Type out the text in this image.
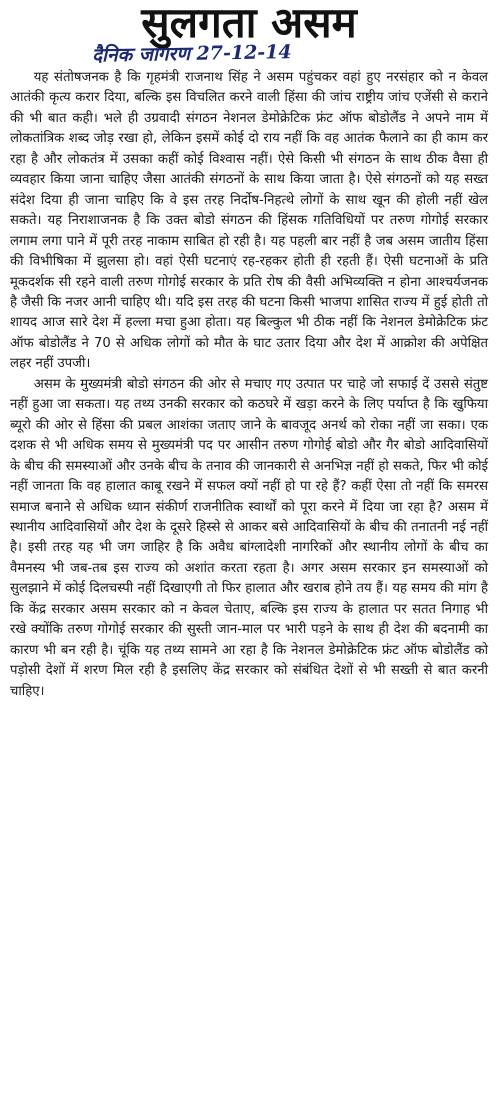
सुलगता असम
दैनिक जागरण 27-12-14

यह संतोषजनक है कि गृहमंत्री राजनाथ सिंह ने असम पहुंचकर वहां हुए नरसंहार को न केवल आतंकी कृत्य करार दिया, बल्कि इस विचलित करने वाली हिंसा की जांच राष्ट्रीय जांच एजेंसी से कराने की भी बात कही। भले ही उग्रवादी संगठन नेशनल डेमोक्रेटिक फ्रंट ऑफ बोडोलैंड ने अपने नाम में लोकतांत्रिक शब्द जोड़ रखा हो, लेकिन इसमें कोई दो राय नहीं कि वह आतंक फैलाने का ही काम कर रहा है और लोकतंत्र में उसका कहीं कोई विश्वास नहीं। ऐसे किसी भी संगठन के साथ ठीक वैसा ही व्यवहार किया जाना चाहिए जैसा आतंकी संगठनों के साथ किया जाता है। ऐसे संगठनों को यह सख्त संदेश दिया ही जाना चाहिए कि वे इस तरह निर्दोष-निहत्थे लोगों के साथ खून की होली नहीं खेल सकते। यह निराशाजनक है कि उक्त बोडो संगठन की हिंसक गतिविधियों पर तरुण गोगोई सरकार लगाम लगा पाने में पूरी तरह नाकाम साबित हो रही है। यह पहली बार नहीं है जब असम जातीय हिंसा की विभीषिका में झुलसा हो। वहां ऐसी घटनाएं रह-रहकर होती ही रहती हैं। ऐसी घटनाओं के प्रति मूकदर्शक सी रहने वाली तरुण गोगोई सरकार के प्रति रोष की वैसी अभिव्यक्ति न होना आश्चर्यजनक है जैसी कि नजर आनी चाहिए थी। यदि इस तरह की घटना किसी भाजपा शासित राज्य में हुई होती तो शायद आज सारे देश में हल्ला मचा हुआ होता। यह बिल्कुल भी ठीक नहीं कि नेशनल डेमोक्रेटिक फ्रंट ऑफ बोडोलैंड ने 70 से अधिक लोगों को मौत के घाट उतार दिया और देश में आक्रोश की अपेक्षित लहर नहीं उपजी।

असम के मुख्यमंत्री बोडो संगठन की ओर से मचाए गए उत्पात पर चाहे जो सफाई दें उससे संतुष्ट नहीं हुआ जा सकता। यह तथ्य उनकी सरकार को कठघरे में खड़ा करने के लिए पर्याप्त है कि खुफिया ब्यूरो की ओर से हिंसा की प्रबल आशंका जताए जाने के बावजूद अनर्थ को रोका नहीं जा सका। एक दशक से भी अधिक समय से मुख्यमंत्री पद पर आसीन तरुण गोगोई बोडो और गैर बोडो आदिवासियों के बीच की समस्याओं और उनके बीच के तनाव की जानकारी से अनभिज्ञ नहीं हो सकते, फिर भी कोई नहीं जानता कि वह हालात काबू रखने में सफल क्यों नहीं हो पा रहे हैं? कहीं ऐसा तो नहीं कि समरस समाज बनाने से अधिक ध्यान संकीर्ण राजनीतिक स्वार्थों को पूरा करने में दिया जा रहा है? असम में स्थानीय आदिवासियों और देश के दूसरे हिस्से से आकर बसे आदिवासियों के बीच की तनातनी नई नहीं है। इसी तरह यह भी जग जाहिर है कि अवैध बांग्लादेशी नागरिकों और स्थानीय लोगों के बीच का वैमनस्य भी जब-तब इस राज्य को अशांत करता रहता है। अगर असम सरकार इन समस्याओं को सुलझाने में कोई दिलचस्पी नहीं दिखाएगी तो फिर हालात और खराब होने तय हैं। यह समय की मांग है कि केंद्र सरकार असम सरकार को न केवल चेताए, बल्कि इस राज्य के हालात पर सतत निगाह भी रखे क्योंकि तरुण गोगोई सरकार की सुस्ती जान-माल पर भारी पड़ने के साथ ही देश की बदनामी का कारण भी बन रही है। चूंकि यह तथ्य सामने आ रहा है कि नेशनल डेमोक्रेटिक फ्रंट ऑफ बोडोलैंड को पड़ोसी देशों में शरण मिल रही है इसलिए केंद्र सरकार को संबंधित देशों से भी सख्ती से बात करनी चाहिए।
